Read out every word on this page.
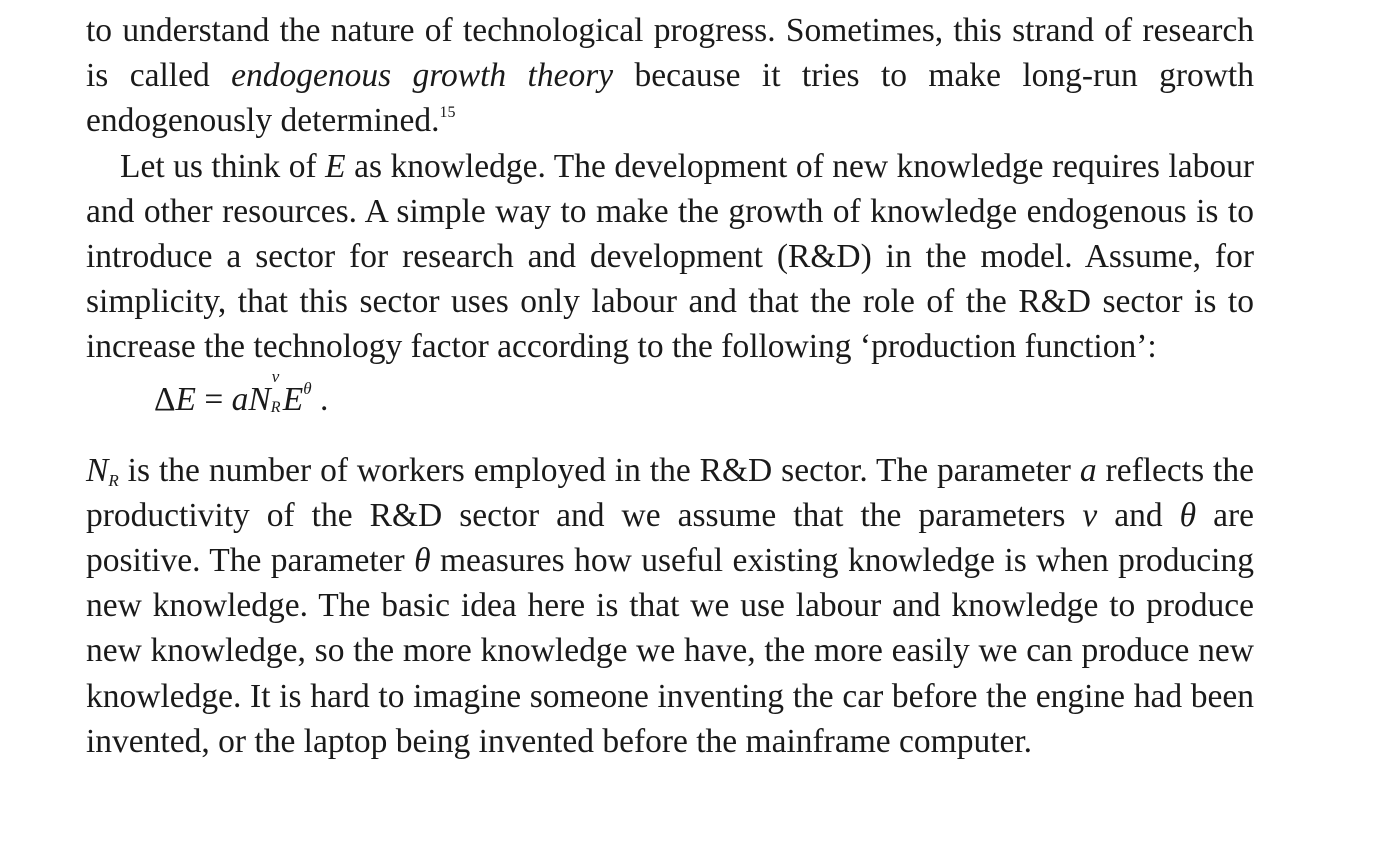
to understand the nature of technological progress. Sometimes, this strand of research is called endogenous growth theory because it tries to make long-run growth endogenously determined.$^{15}$

Let us think of E as knowledge. The development of new knowledge requires labour and other resources. A simple way to make the growth of knowledge endogenous is to introduce a sector for research and development (R&D) in the model. Assume, for simplicity, that this sector uses only labour and that the role of the R&D sector is to increase the technology factor according to the following ‘production function’:

ΔE = aN
v
R $E^\theta$ .

NR is the number of workers employed in the R&D sector. The parameter a reflects the productivity of the R&D sector and we assume that the parameters v and θ are positive. The parameter θ measures how useful existing knowledge is when producing new knowledge. The basic idea here is that we use labour and knowledge to produce new knowledge, so the more knowledge we have, the more easily we can produce new knowledge. It is hard to imagine someone inventing the car before the engine had been invented, or the laptop being invented before the mainframe computer.
